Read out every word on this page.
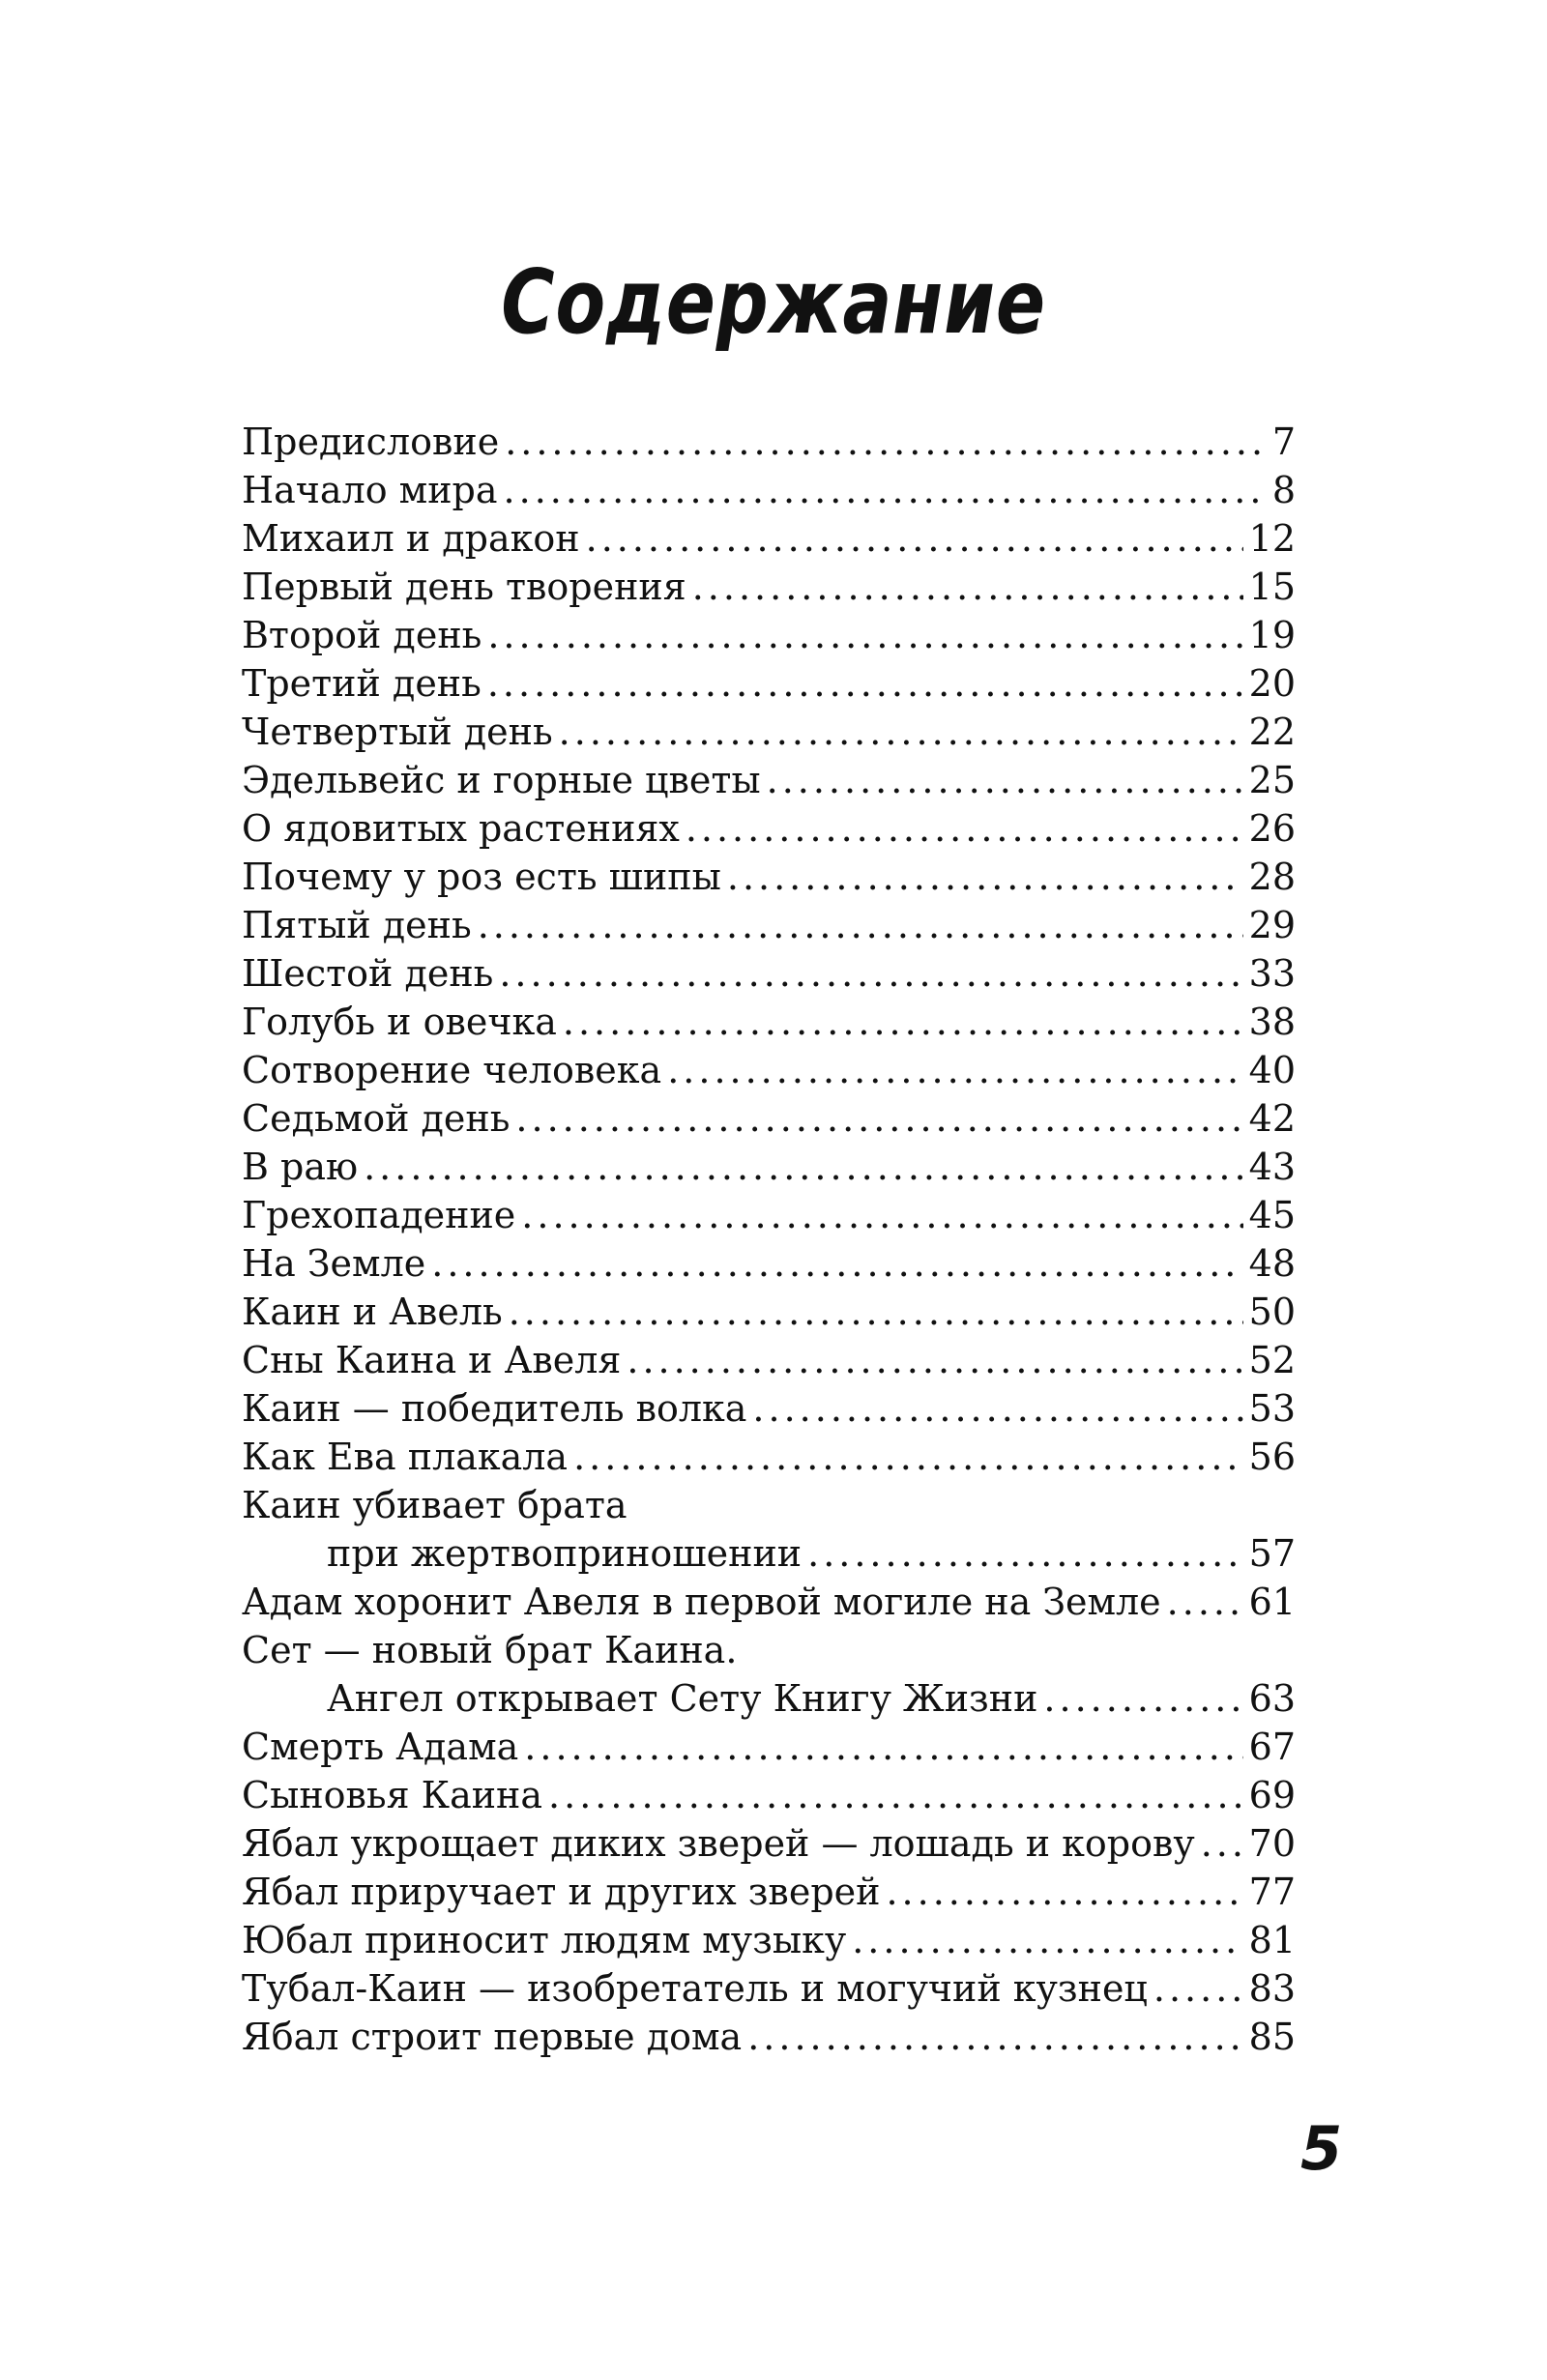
Содержание
Предисловие .....	7
Начало мира .....	8
Михаил и дракон .....	12
Первый день творения .....	15
Второй день .....	19
Третий день .....	20
Четвертый день .....	22
Эдельвейс и горные цветы .....	25
О ядовитых растениях .....	26
Почему у роз есть шипы .....	28
Пятый день .....	29
Шестой день .....	33
Голубь и овечка .....	38
Сотворение человека .....	40
Седьмой день .....	42
В раю .....	43
Грехопадение .....	45
На Земле .....	48
Каин и Авель .....	50
Сны Каина и Авеля .....	52
Каин — победитель волка .....	53
Как Ева плакала .....	56
Каин убивает брата
при жертвоприношении .....	57
Адам хоронит Авеля в первой могиле на Земле ..... 61
Сет — новый брат Каина.
Ангел открывает Сету Книгу Жизни .....	63
Смерть Адама .....	67
Сыновья Каина .....	69
Ябал укрощает диких зверей — лошадь и корову ..... 70
Ябал приручает и других зверей .....	77
Юбал приносит людям музыку .....	81
Тубал-Каин — изобретатель и могучий кузнец .....	83
Ябал строит первые дома .....	85
5
